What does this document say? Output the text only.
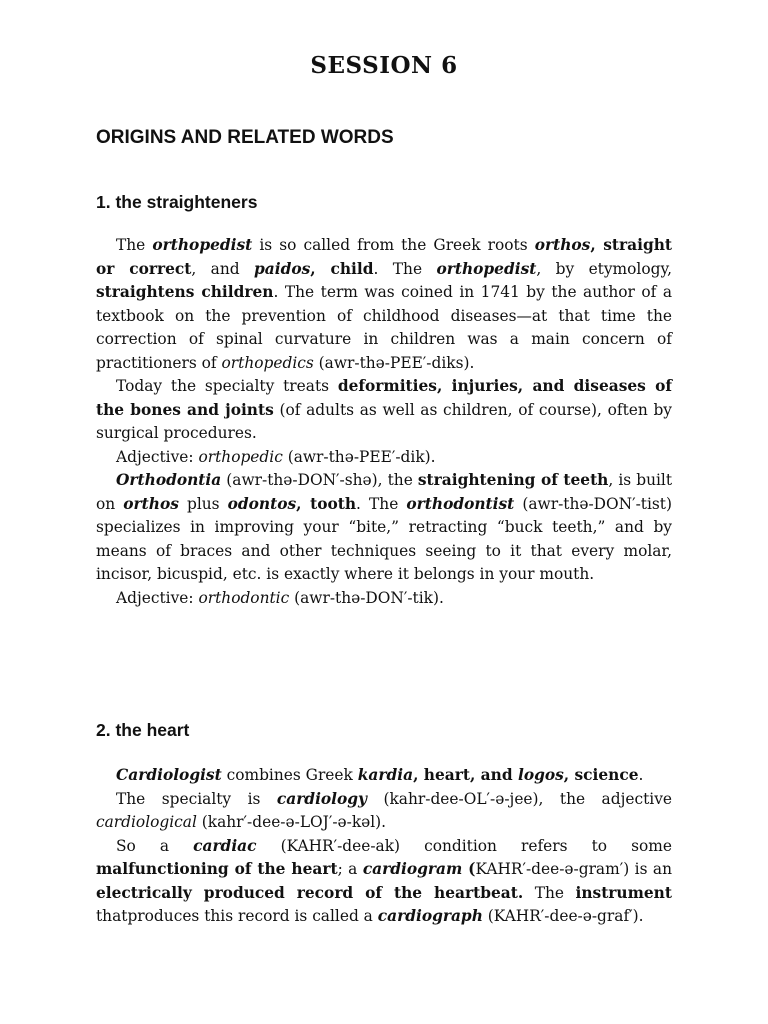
SESSION 6
ORIGINS AND RELATED WORDS
1. the straighteners

The orthopedist is so called from the Greek roots orthos, straight or correct, and paidos, child. The orthopedist, by etymology, straightens children. The term was coined in 1741 by the author of a textbook on the prevention of childhood diseases—at that time the correction of spinal curvature in children was a main concern of practitioners of orthopedics (awr-thə-PEE′-diks).

Today the specialty treats deformities, injuries, and diseases of the bones and joints (of adults as well as children, of course), often by surgical procedures.

Adjective: orthopedic (awr-thə-PEE′-dik).

Orthodontia (awr-thə-DON′-shə), the straightening of teeth, is built on orthos plus odontos, tooth. The orthodontist (awr-thə-DON′-tist) specializes in improving your “bite,” retracting “buck teeth,” and by means of braces and other techniques seeing to it that every molar, incisor, bicuspid, etc. is exactly where it belongs in your mouth.

Adjective: orthodontic (awr-thə-DON′-tik).

2. the heart

Cardiologist combines Greek kardia, heart, and logos, science.

The specialty is cardiology (kahr-dee-OL′-ə-jee), the adjective cardiological (kahr′-dee-ə-LOJ′-ə-kəl).

So a cardiac (KAHR′-dee-ak) condition refers to some malfunctioning of the heart; a cardiogram (KAHR′-dee-ə-gram′) is an electrically produced record of the heartbeat. The instrument thatproduces this record is called a cardiograph (KAHR′-dee-ə-graf′).
